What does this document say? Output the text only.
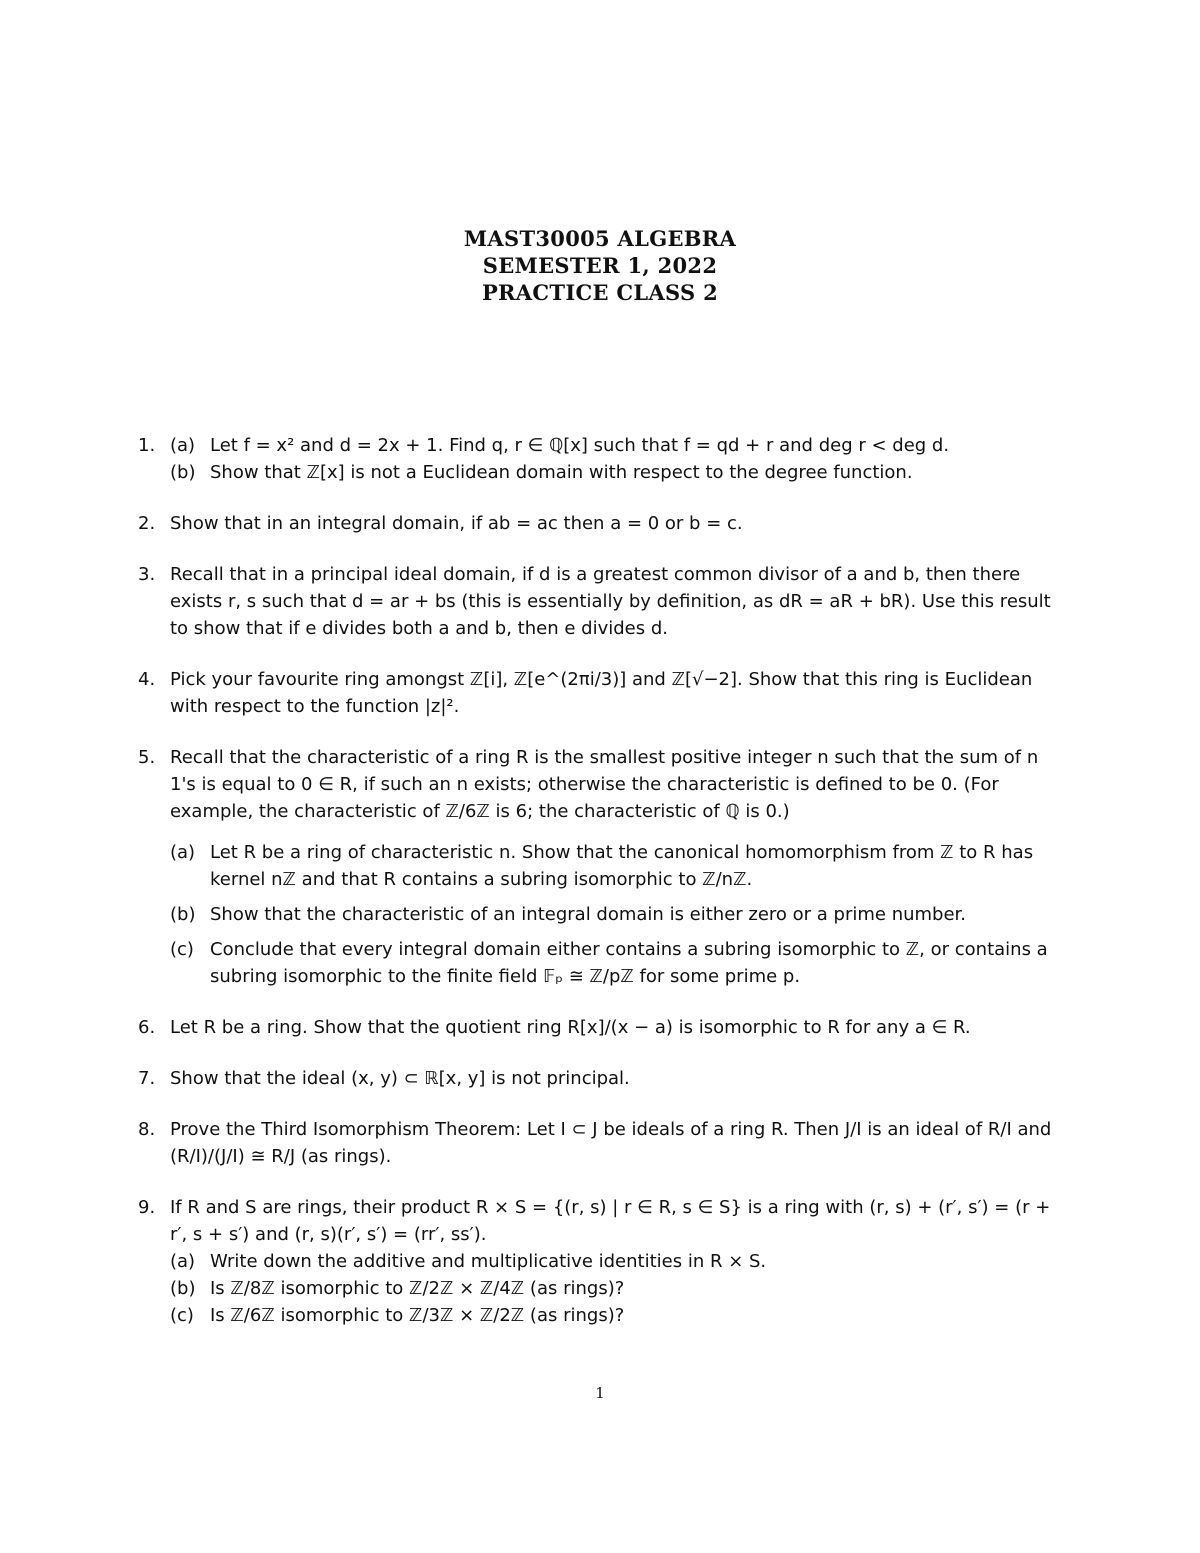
MAST30005 ALGEBRA
SEMESTER 1, 2022
PRACTICE CLASS 2
1. (a) Let f = x² and d = 2x + 1. Find q, r ∈ ℚ[x] such that f = qd + r and deg r < deg d.
(b) Show that ℤ[x] is not a Euclidean domain with respect to the degree function.
2. Show that in an integral domain, if ab = ac then a = 0 or b = c.
3. Recall that in a principal ideal domain, if d is a greatest common divisor of a and b, then there exists r, s such that d = ar + bs (this is essentially by definition, as dR = aR + bR). Use this result to show that if e divides both a and b, then e divides d.
4. Pick your favourite ring amongst ℤ[i], ℤ[e^(2πi/3)] and ℤ[√−2]. Show that this ring is Euclidean with respect to the function |z|².
5. Recall that the characteristic of a ring R is the smallest positive integer n such that the sum of n 1's is equal to 0 ∈ R, if such an n exists; otherwise the characteristic is defined to be 0. (For example, the characteristic of ℤ/6ℤ is 6; the characteristic of ℚ is 0.)
(a) Let R be a ring of characteristic n. Show that the canonical homomorphism from ℤ to R has kernel nℤ and that R contains a subring isomorphic to ℤ/nℤ.
(b) Show that the characteristic of an integral domain is either zero or a prime number.
(c) Conclude that every integral domain either contains a subring isomorphic to ℤ, or contains a subring isomorphic to the finite field 𝔽ₚ ≅ ℤ/pℤ for some prime p.
6. Let R be a ring. Show that the quotient ring R[x]/(x − a) is isomorphic to R for any a ∈ R.
7. Show that the ideal (x, y) ⊂ ℝ[x, y] is not principal.
8. Prove the Third Isomorphism Theorem: Let I ⊂ J be ideals of a ring R. Then J/I is an ideal of R/I and (R/I)/(J/I) ≅ R/J (as rings).
9. If R and S are rings, their product R × S = {(r, s) | r ∈ R, s ∈ S} is a ring with (r, s) + (r′, s′) = (r + r′, s + s′) and (r, s)(r′, s′) = (rr′, ss′).
(a) Write down the additive and multiplicative identities in R × S.
(b) Is ℤ/8ℤ isomorphic to ℤ/2ℤ × ℤ/4ℤ (as rings)?
(c) Is ℤ/6ℤ isomorphic to ℤ/3ℤ × ℤ/2ℤ (as rings)?
1
